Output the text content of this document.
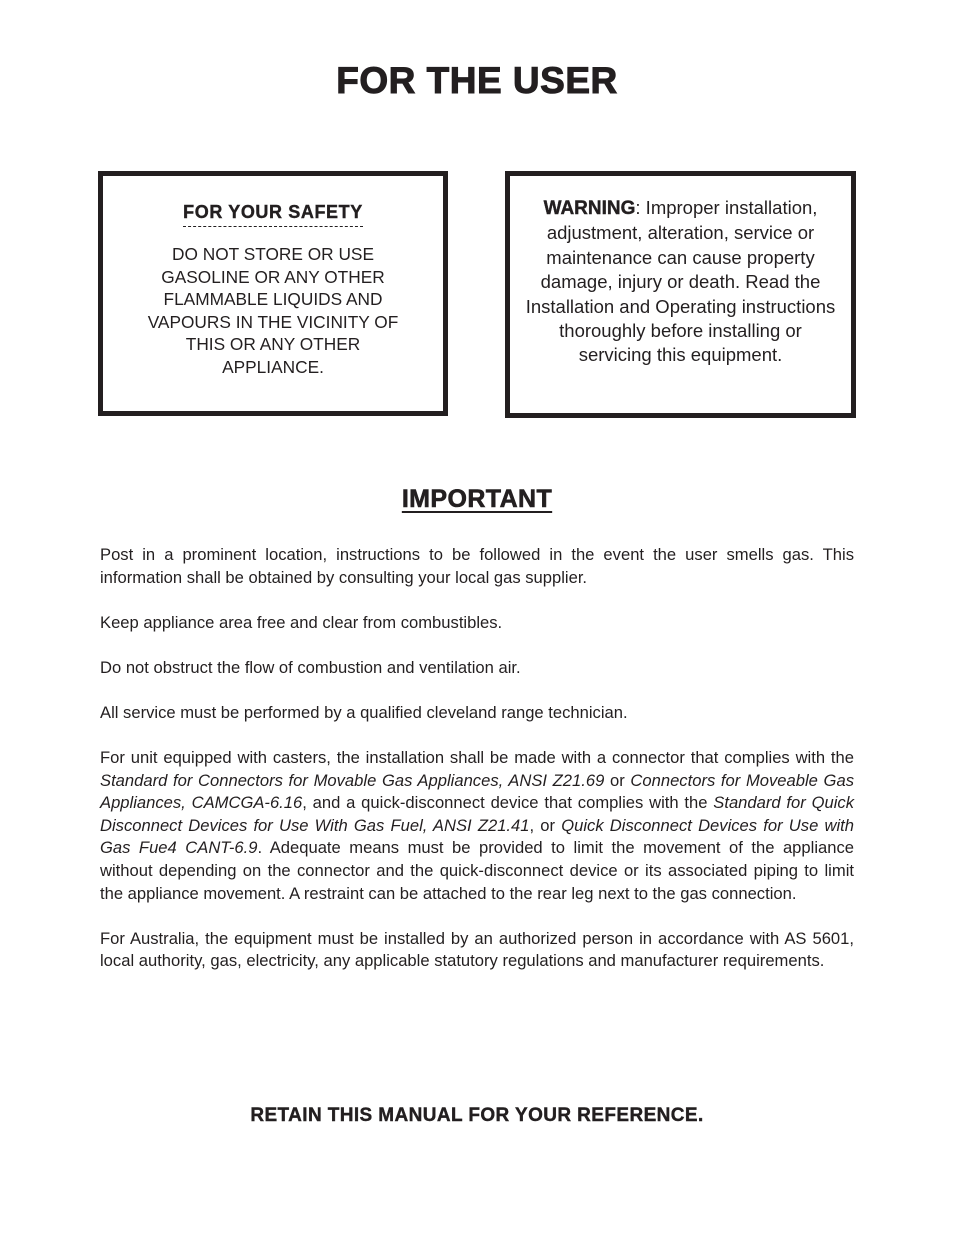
FOR THE USER
FOR YOUR SAFETY
DO NOT STORE OR USE GASOLINE OR ANY OTHER FLAMMABLE LIQUIDS AND VAPOURS IN THE VICINITY OF THIS OR ANY OTHER APPLIANCE.
WARNING: Improper installation, adjustment, alteration, service or maintenance can cause property damage, injury or death. Read the Installation and Operating instructions thoroughly before installing or servicing this equipment.
IMPORTANT

Post in a prominent location, instructions to be followed in the event the user smells gas. This information shall be obtained by consulting your local gas supplier.

Keep appliance area free and clear from combustibles.

Do not obstruct the flow of combustion and ventilation air.

All service must be performed by a qualified cleveland range technician.

For unit equipped with casters, the installation shall be made with a connector that complies with the Standard for Connectors for Movable Gas Appliances, ANSI Z21.69 or Connectors for Moveable Gas Appliances, CAMCGA-6.16, and a quick-disconnect device that complies with the Standard for Quick Disconnect Devices for Use With Gas Fuel, ANSI Z21.41, or Quick Disconnect Devices for Use with Gas Fue4 CANT-6.9. Adequate means must be provided to limit the movement of the appliance without depending on the connector and the quick-disconnect device or its associated piping to limit the appliance movement. A restraint can be attached to the rear leg next to the gas connection.

For Australia, the equipment must be installed by an authorized person in accordance with AS 5601, local authority, gas, electricity, any applicable statutory regulations and manufacturer requirements.

RETAIN THIS MANUAL FOR YOUR REFERENCE.
